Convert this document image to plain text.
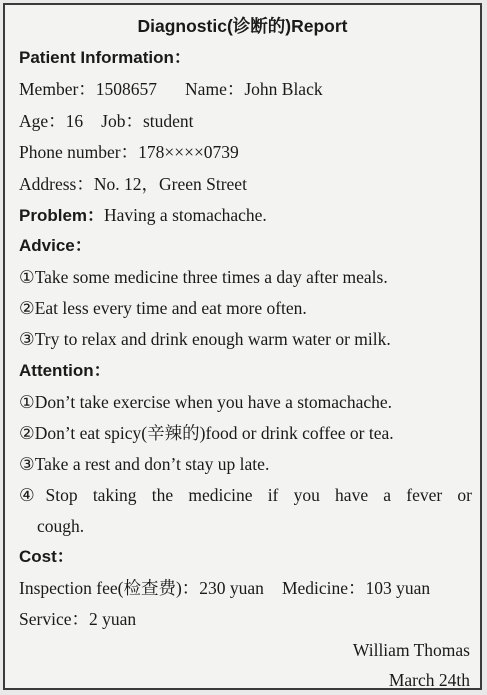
Diagnostic(诊断的)Report
Patient Information：
Member：1508657 Name：John Black
Age：16 Job：student
Phone number：178××××0739
Address：No. 12，Green Street
Problem：Having a stomachache.
Advice：
①Take some medicine three times a day after meals.
②Eat less every time and eat more often.
③Try to relax and drink enough warm water or milk.
Attention：
①Don’t take exercise when you have a stomachache.
②Don’t eat spicy(辛辣的)food or drink coffee or tea.
③Take a rest and don’t stay up late.
④Stop taking the medicine if you have a fever or
cough.
Cost：
Inspection fee(检查费)：230 yuan Medicine：103 yuan
Service：2 yuan
William Thomas
March 24th
